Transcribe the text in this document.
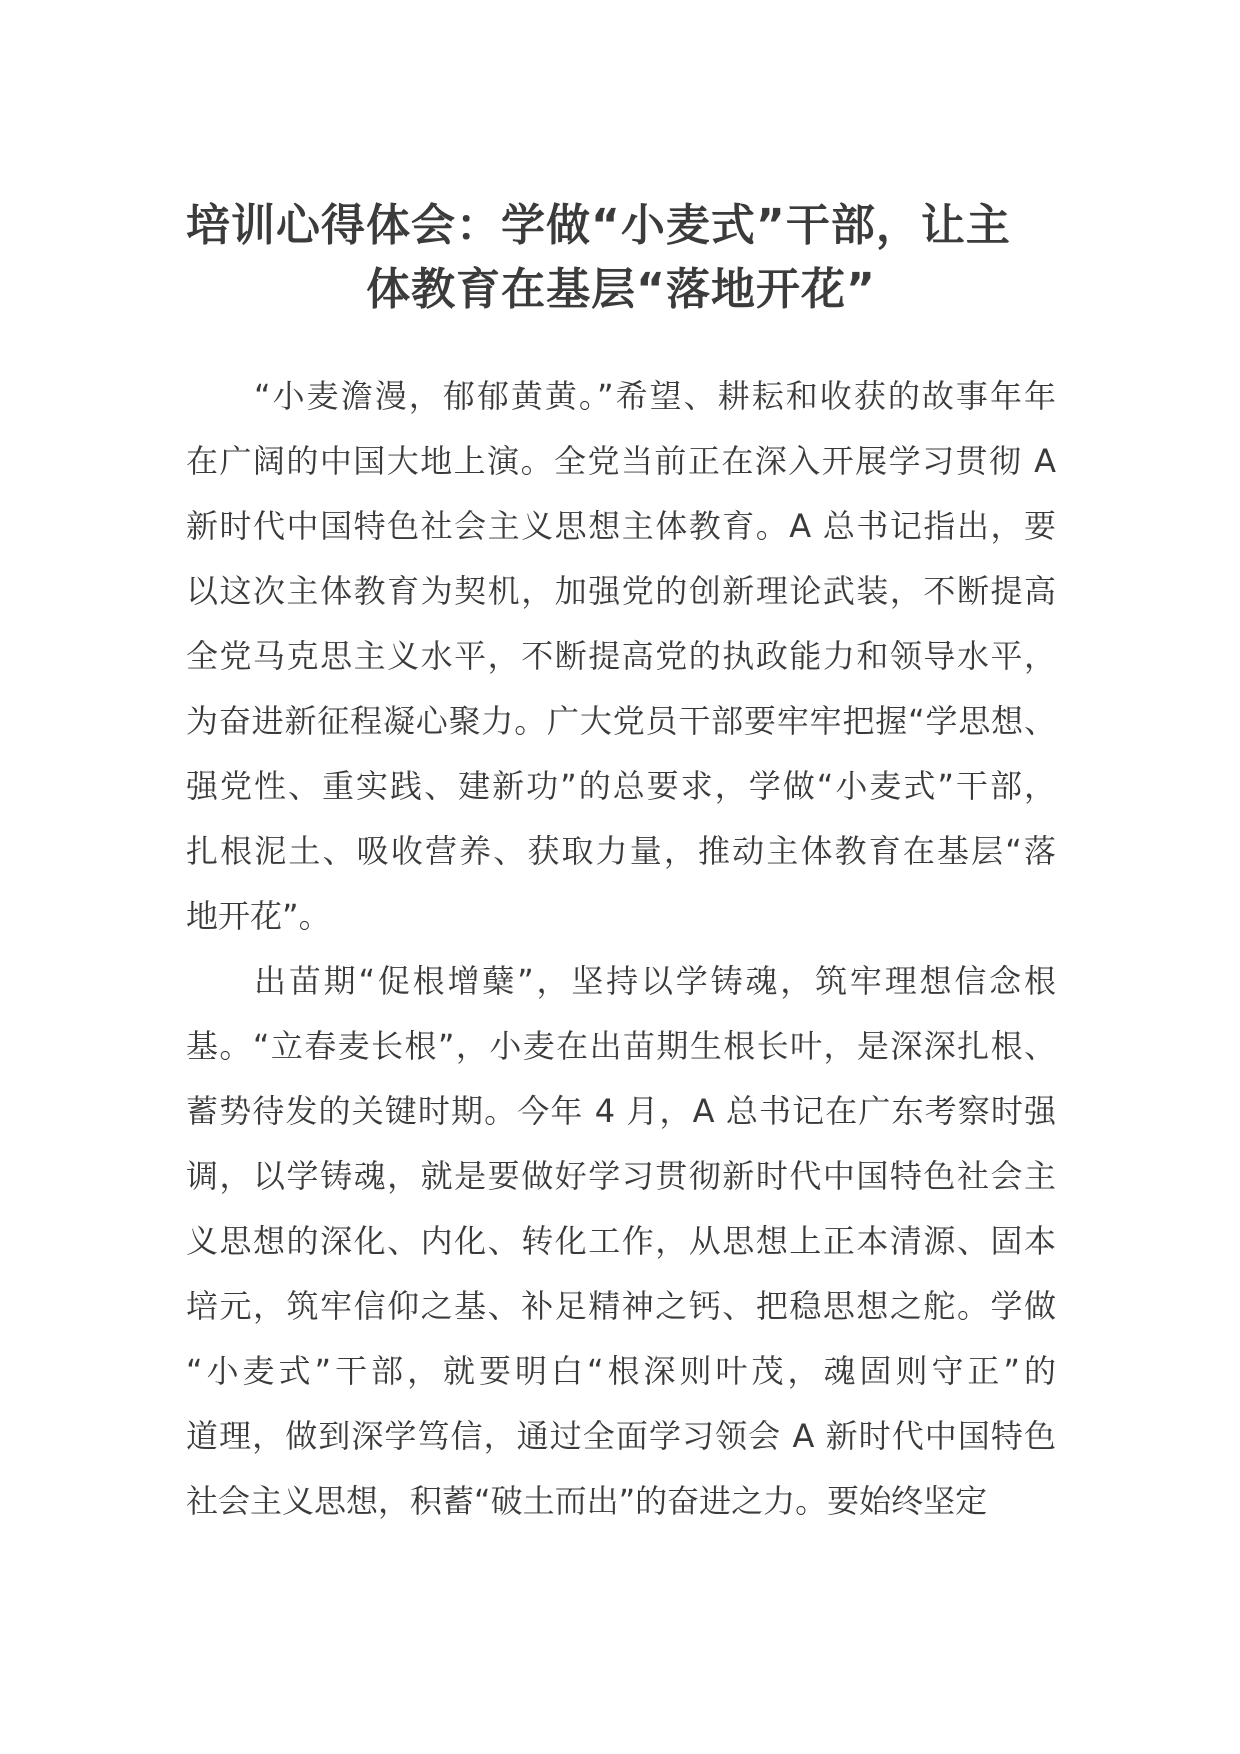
培训心得体会：学做“小麦式”干部，让主
体教育在基层“落地开花”
“小麦澹漫，郁郁黄黄。”希望、耕耘和收获的故事年年
在广阔的中国大地上演。全党当前正在深入开展学习贯彻 A
新时代中国特色社会主义思想主体教育。A 总书记指出，要
以这次主体教育为契机，加强党的创新理论武装，不断提高
全党马克思主义水平，不断提高党的执政能力和领导水平，
为奋进新征程凝心聚力。广大党员干部要牢牢把握“学思想、
强党性、重实践、建新功”的总要求，学做“小麦式”干部，
扎根泥土、吸收营养、获取力量，推动主体教育在基层“落
地开花”。
出苗期“促根增蘖”，坚持以学铸魂，筑牢理想信念根
基。“立春麦长根”，小麦在出苗期生根长叶，是深深扎根、
蓄势待发的关键时期。今年 4 月，A 总书记在广东考察时强
调，以学铸魂，就是要做好学习贯彻新时代中国特色社会主
义思想的深化、内化、转化工作，从思想上正本清源、固本
培元，筑牢信仰之基、补足精神之钙、把稳思想之舵。学做
“小麦式”干部，就要明白“根深则叶茂，魂固则守正”的
道理，做到深学笃信，通过全面学习领会 A 新时代中国特色
社会主义思想，积蓄“破土而出”的奋进之力。要始终坚定
